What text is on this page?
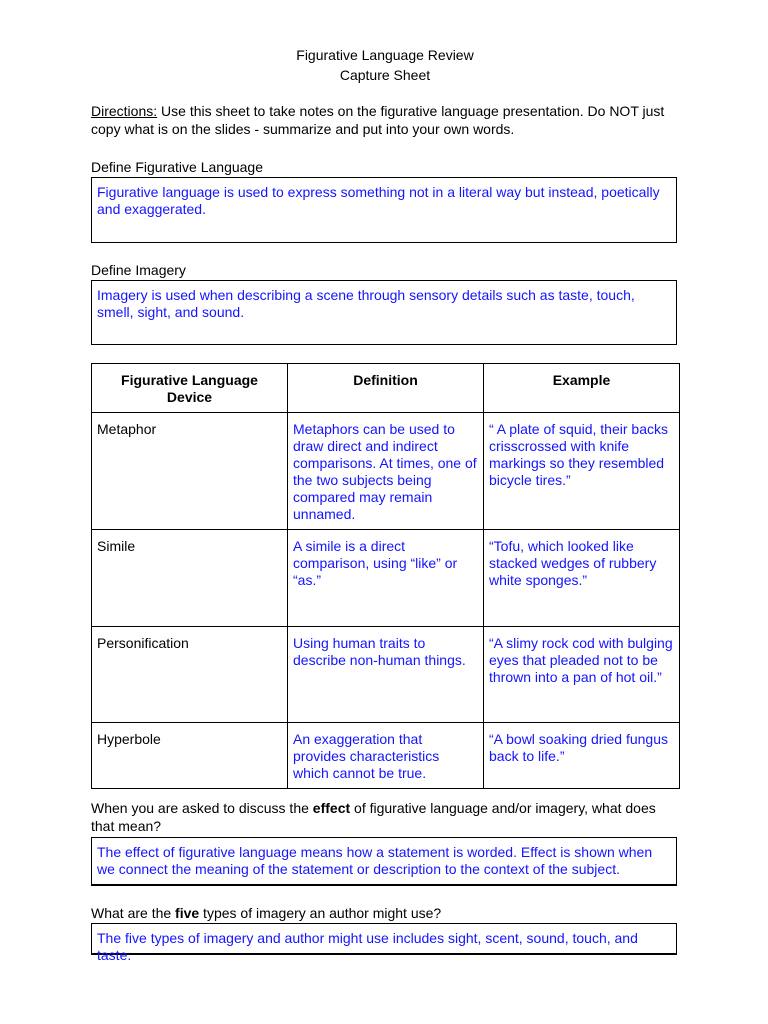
Figurative Language Review
Capture Sheet
Directions: Use this sheet to take notes on the figurative language presentation. Do NOT just copy what is on the slides - summarize and put into your own words.
Define Figurative Language
Figurative language is used to express something not in a literal way but instead, poetically and exaggerated.
Define Imagery
Imagery is used when describing a scene through sensory details such as taste, touch, smell, sight, and sound.
Figurative Language Device	Definition	Example
Metaphor	Metaphors can be used to draw direct and indirect comparisons. At times, one of the two subjects being compared may remain unnamed.	“ A plate of squid, their backs crisscrossed with knife markings so they resembled bicycle tires.”
Simile	A simile is a direct comparison, using “like” or “as.”	“Tofu, which looked like stacked wedges of rubbery white sponges.”
Personification	Using human traits to describe non-human things.	“A slimy rock cod with bulging eyes that pleaded not to be thrown into a pan of hot oil.”
Hyperbole	An exaggeration that provides characteristics which cannot be true.	“A bowl soaking dried fungus back to life.”
When you are asked to discuss the effect of figurative language and/or imagery, what does that mean?
The effect of figurative language means how a statement is worded. Effect is shown when we connect the meaning of the statement or description to the context of the subject.
What are the five types of imagery an author might use?
The five types of imagery and author might use includes sight, scent, sound, touch, and taste.
